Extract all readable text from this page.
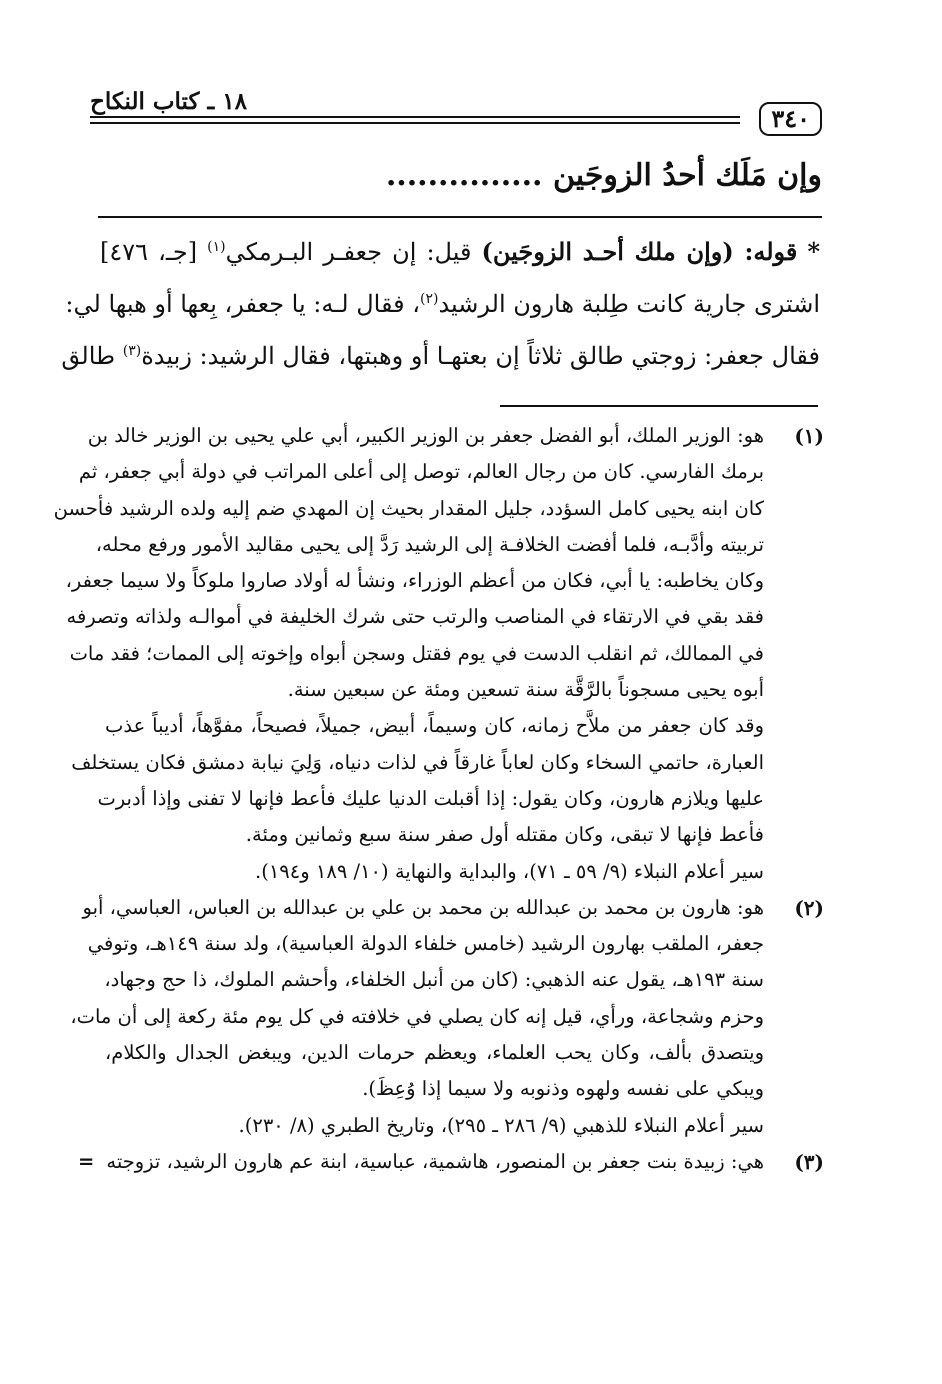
٣٤٠
١٨ ـ كتاب النكاح
وإن مَلَك أحدُ الزوجَين ...............
* قوله: (وإن ملك أحـد الزوجَين) قيل: إن جعفـر البـرمكي$^{(١)}$ [جـ، ٤٧٦]
اشترى جارية كانت طِلبة هارون الرشيد$^{(٢)}$، فقال لـه: يا جعفر، بِعها أو هبها لي:
فقال جعفر: زوجتي طالق ثلاثاً إن بعتهـا أو وهبتها، فقال الرشيد: زبيدة$^{(٣)}$ طالق
(١)
هو: الوزير الملك، أبو الفضل جعفر بن الوزير الكبير، أبي علي يحيى بن الوزير خالد بن
برمك الفارسي. كان من رجال العالم، توصل إلى أعلى المراتب في دولة أبي جعفر، ثم
كان ابنه يحيى كامل السؤدد، جليل المقدار بحيث إن المهدي ضم إليه ولده الرشيد فأحسن
تربيته وأدَّبـه، فلما أفضت الخلافـة إلى الرشيد رَدَّ إلى يحيى مقاليد الأمور ورفع محله،
وكان يخاطبه: يا أبي، فكان من أعظم الوزراء، ونشأ له أولاد صاروا ملوكاً ولا سيما جعفر،
فقد بقي في الارتقاء في المناصب والرتب حتى شرك الخليفة في أموالـه ولذاته وتصرفه
في الممالك، ثم انقلب الدست في يوم فقتل وسجن أبواه وإخوته إلى الممات؛ فقد مات
أبوه يحيى مسجوناً بالرَّقَّة سنة تسعين ومئة عن سبعين سنة.
وقد كان جعفر من ملاَّح زمانه، كان وسيماً، أبيض، جميلاً، فصيحاً، مفوَّهاً، أديباً عذب
العبارة، حاتمي السخاء وكان لعاباً غارقاً في لذات دنياه، وَلِيَ نيابة دمشق فكان يستخلف
عليها ويلازم هارون، وكان يقول: إذا أقبلت الدنيا عليك فأعط فإنها لا تفنى وإذا أدبرت
فأعط فإنها لا تبقى، وكان مقتله أول صفر سنة سبع وثمانين ومئة.
سير أعلام النبلاء (٩/ ٥٩ ـ ٧١)، والبداية والنهاية (١٠/ ١٨٩ و١٩٤).
(٢)
هو: هارون بن محمد بن عبدالله بن محمد بن علي بن عبدالله بن العباس، العباسي، أبو
جعفر، الملقب بهارون الرشيد (خامس خلفاء الدولة العباسية)، ولد سنة ١٤٩هـ، وتوفي
سنة ١٩٣هـ، يقول عنه الذهبي: (كان من أنبل الخلفاء، وأحشم الملوك، ذا حج وجهاد،
وحزم وشجاعة، ورأي، قيل إنه كان يصلي في خلافته في كل يوم مئة ركعة إلى أن مات،
ويتصدق بألف، وكان يحب العلماء، ويعظم حرمات الدين، ويبغض الجدال والكلام،
ويبكي على نفسه ولهوه وذنوبه ولا سيما إذا وُعِظَ).
سير أعلام النبلاء للذهبي (٩/ ٢٨٦ ـ ٢٩٥)، وتاريخ الطبري (٨/ ٢٣٠).
(٣)
هي: زبيدة بنت جعفر بن المنصور، هاشمية، عباسية، ابنة عم هارون الرشيد، تزوجته=
